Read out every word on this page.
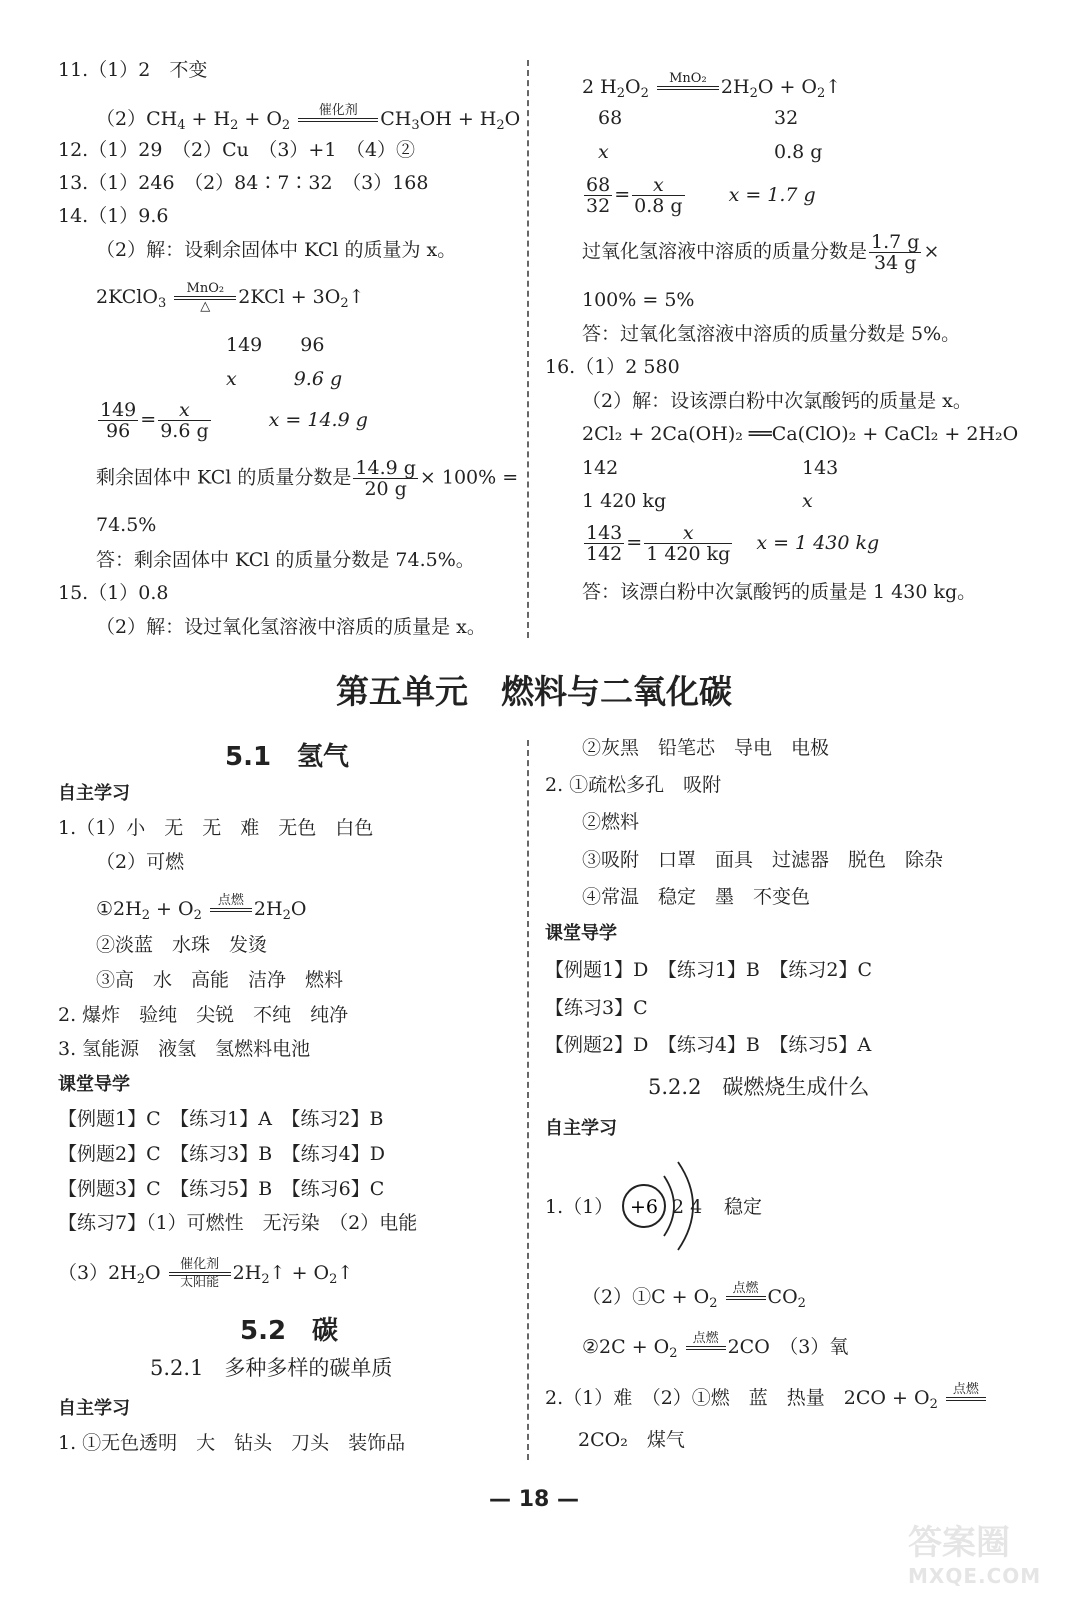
11.（1）2　不变
$(2)CH_4 + H_2 + O_2$
催化剂
	$CH_3OH + H_2O$
12.（1）29　（2）Cu　（3）+1　（4）②
13.（1）246　（2）84∶7∶32　（3）168
14.（1）9.6
（2）解：设剩余固体中 KCl 的质量为 x。
2KClO$_3$
MnO₂
△	$2KCl + 3O_2↑$
149　　96
x　　　9.6 g
$\frac{149}{96} = \frac{x}{9.6 g}$	x = 14.9 g
剩余固体中 KCl 的质量分数是 $\frac{14.9 g}{20 g} \times 100\%$ =
74.5%
答：剩余固体中 KCl 的质量分数是 74.5%。
15.（1）0.8
（2）解：设过氧化氢溶液中溶质的质量是 x。
2 $H_2O_2$
MnO₂
$2H_2O$ + $O_2↑$
68	32
x	0.8 g
$\frac{68}{32} = \frac{x}{0.8 g}$ x = 1.7 g
过氧化氢溶液中溶质的质量分数是 $\frac{1.7 g}{34 g}$ ×
100% = 5%
答：过氧化氢溶液中溶质的质量分数是 5%。
16.（1）2 580
（2）解：设该漂白粉中次氯酸钙的质量是 x。
2Cl₂ + 2Ca(OH)₂ ══Ca(ClO)₂ + CaCl₂ + 2H₂O
142	143
1 420 kg	x
$\frac{143}{142} = \frac{x}{1 420 kg}$ x = 1 430 kg
答：该漂白粉中次氯酸钙的质量是 1 430 kg。
第五单元　燃料与二氧化碳
5.1　氢气
自主学习
1.（1）小　无　无　难　无色　白色
（2）可燃
$①2H_2 + O_2$
点燃
$2H_2O$
②淡蓝　水珠　发烫
③高　水　高能　洁净　燃料
2. 爆炸　验纯　尖锐　不纯　纯净
3. 氢能源　液氢　氢燃料电池
课堂导学
【例题1】C　【练习1】A　【练习2】B
【例题2】C　【练习3】B　【练习4】D
【例题3】C　【练习5】B　【练习6】C
【练习7】（1）可燃性　无污染　（2）电能
$(3)2H_2O$	催化剂
太阳能 $2H_2↑$ + $O_2↑$
5.2　碳
5.2.1　多种多样的碳单质
自主学习
1. ①无色透明　大　钻头　刀头　装饰品
②灰黑　铅笔芯　导电　电极
2. ①疏松多孔　吸附
②燃料
③吸附　口罩　面具　过滤器　脱色　除杂
④常温　稳定　墨　不变色
课堂导学
【例题1】D　【练习1】B　【练习2】C
【练习3】C
【例题2】D　【练习4】B　【练习5】A
5.2.2　碳燃烧生成什么
自主学习
1.（1） +6 2 4 稳定
（2）①C + $O_2$
点燃
$CO_2$
②2C + $O_2$
点燃
2CO　（3）氧
2.（1）难　（2）①燃　蓝　热量　$2CO + O_2$
点燃

2CO₂　煤气
— 18 —
答案圈
MXQE.COM
